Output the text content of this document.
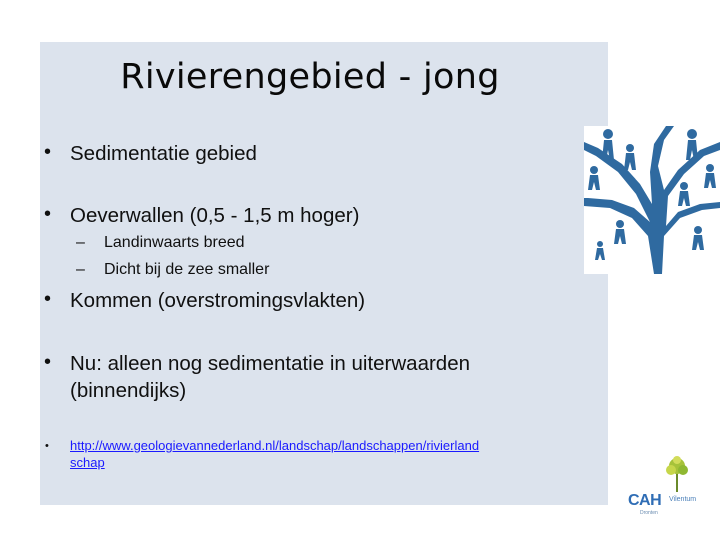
Rivierengebied - jong
• Sedimentatie gebied
• Oeverwallen (0,5 - 1,5 m hoger)
– Landinwaarts breed
– Dicht bij de zee smaller
• Kommen (overstromingsvlakten)
• Nu: alleen nog sedimentatie in uiterwaarden
(binnendijks)
• http://www.geologievannederland.nl/landschap/landschappen/rivierland
schap
CAH Vilentum
Dronten
